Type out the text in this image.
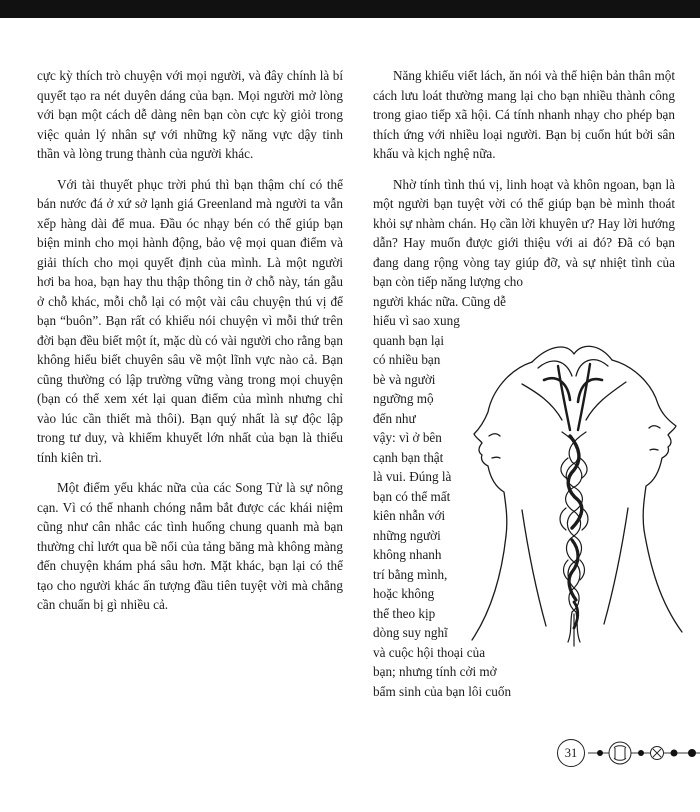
cực kỳ thích trò chuyện với mọi người, và đây chính là bí quyết tạo ra nét duyên dáng của bạn. Mọi người mở lòng với bạn một cách dễ dàng nên bạn còn cực kỳ giỏi trong việc quản lý nhân sự với những kỹ năng vực dậy tinh thần và lòng trung thành của người khác.

Với tài thuyết phục trời phú thì bạn thậm chí có thể bán nước đá ở xứ sở lạnh giá Greenland mà người ta vẫn xếp hàng dài để mua. Đầu óc nhạy bén có thể giúp bạn biện minh cho mọi hành động, bảo vệ mọi quan điểm và giải thích cho mọi quyết định của mình. Là một người hơi ba hoa, bạn hay thu thập thông tin ở chỗ này, tán gẫu ở chỗ khác, mỗi chỗ lại có một vài câu chuyện thú vị để bạn “buôn”. Bạn rất có khiếu nói chuyện vì mỗi thứ trên đời bạn đều biết một ít, mặc dù có vài người cho rằng bạn không hiểu biết chuyên sâu về một lĩnh vực nào cả. Bạn cũng thường có lập trường vững vàng trong mọi chuyện (bạn có thể xem xét lại quan điểm của mình nhưng chỉ vào lúc cần thiết mà thôi). Bạn quý nhất là sự độc lập trong tư duy, và khiếm khuyết lớn nhất của bạn là thiếu tính kiên trì.

Một điểm yếu khác nữa của các Song Tử là sự nông cạn. Vì có thể nhanh chóng nắm bắt được các khái niệm cũng như cân nhắc các tình huống chung quanh mà bạn thường chỉ lướt qua bề nổi của tảng băng mà không màng đến chuyện khám phá sâu hơn. Mặt khác, bạn lại có thể tạo cho người khác ấn tượng đầu tiên tuyệt vời mà chẳng cần chuẩn bị gì nhiều cả.

Năng khiếu viết lách, ăn nói và thể hiện bản thân một cách lưu loát thường mang lại cho bạn nhiều thành công trong giao tiếp xã hội. Cá tính nhanh nhạy cho phép bạn thích ứng với nhiều loại người. Bạn bị cuốn hút bởi sân khấu và kịch nghệ nữa.

Nhờ tính tình thú vị, linh hoạt và khôn ngoan, bạn là một người bạn tuyệt vời có thể giúp bạn bè mình thoát khỏi sự nhàm chán. Họ cần lời khuyên ư? Hay lời hướng dẫn? Hay muốn được giới thiệu với ai đó? Đã có bạn đang dang rộng vòng tay giúp đỡ, và sự nhiệt tình của bạn còn tiếp năng lượng cho

người khác nữa. Cũng dễ
hiểu vì sao xung
quanh bạn lại
có nhiều bạn
bè và người
ngưỡng mộ
đến như
vậy: vì ở bên
cạnh bạn thật
là vui. Đúng là
bạn có thể mất
kiên nhẫn với
những người
không nhanh
trí bằng mình,
hoặc không
thể theo kịp
dòng suy nghĩ
và cuộc hội thoại của
bạn; nhưng tính cởi mở
bẩm sinh của bạn lôi cuốn
31
